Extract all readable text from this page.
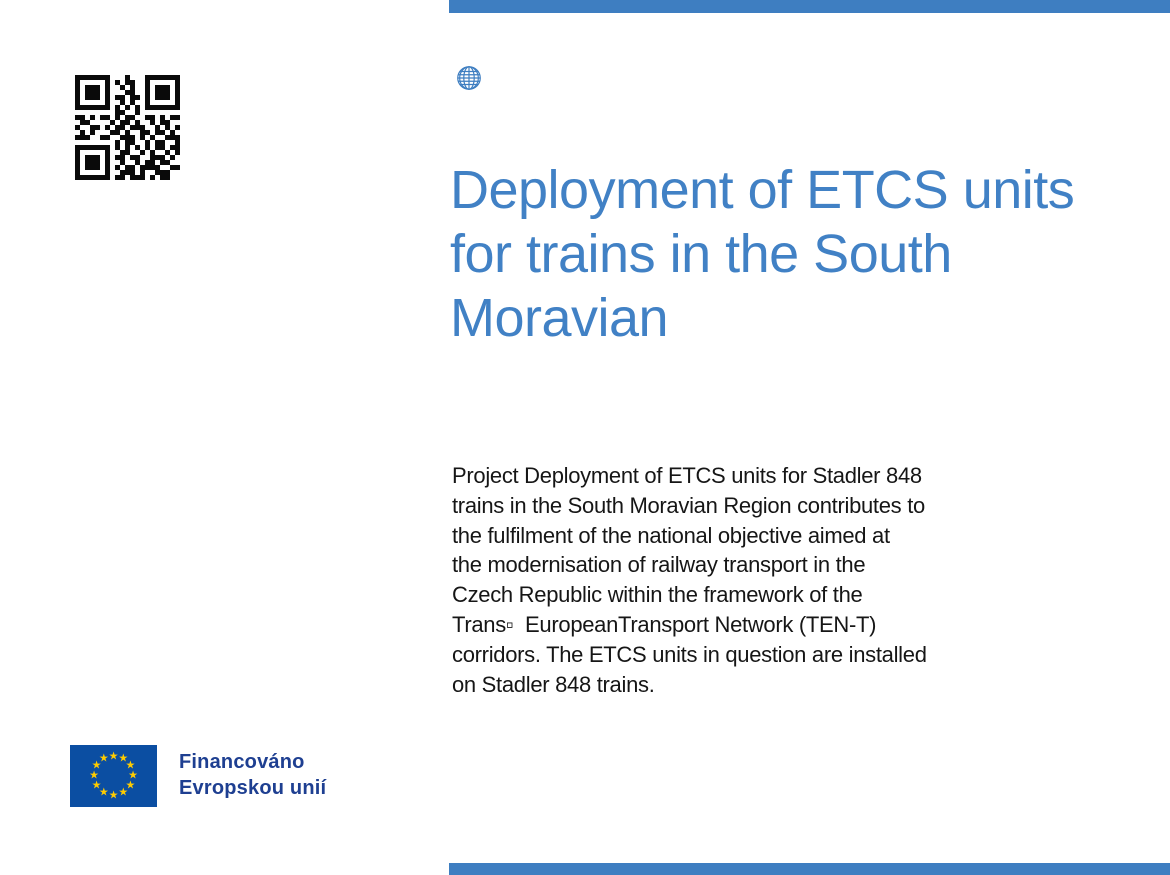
Deployment of ETCS units
for trains in the South
Moravian
Project Deployment of ETCS units for Stadler 848
trains in the South Moravian Region contributes to
the fulfilment of the national objective aimed at
the modernisation of railway transport in the
Czech Republic within the framework of the
Trans▫  EuropeanTransport Network (TEN-T)
corridors. The ETCS units in question are installed
on Stadler 848 trains.
★ ★
★
★
★
★
★
★
★
★
★
★	Financováno
Evropskou unií
